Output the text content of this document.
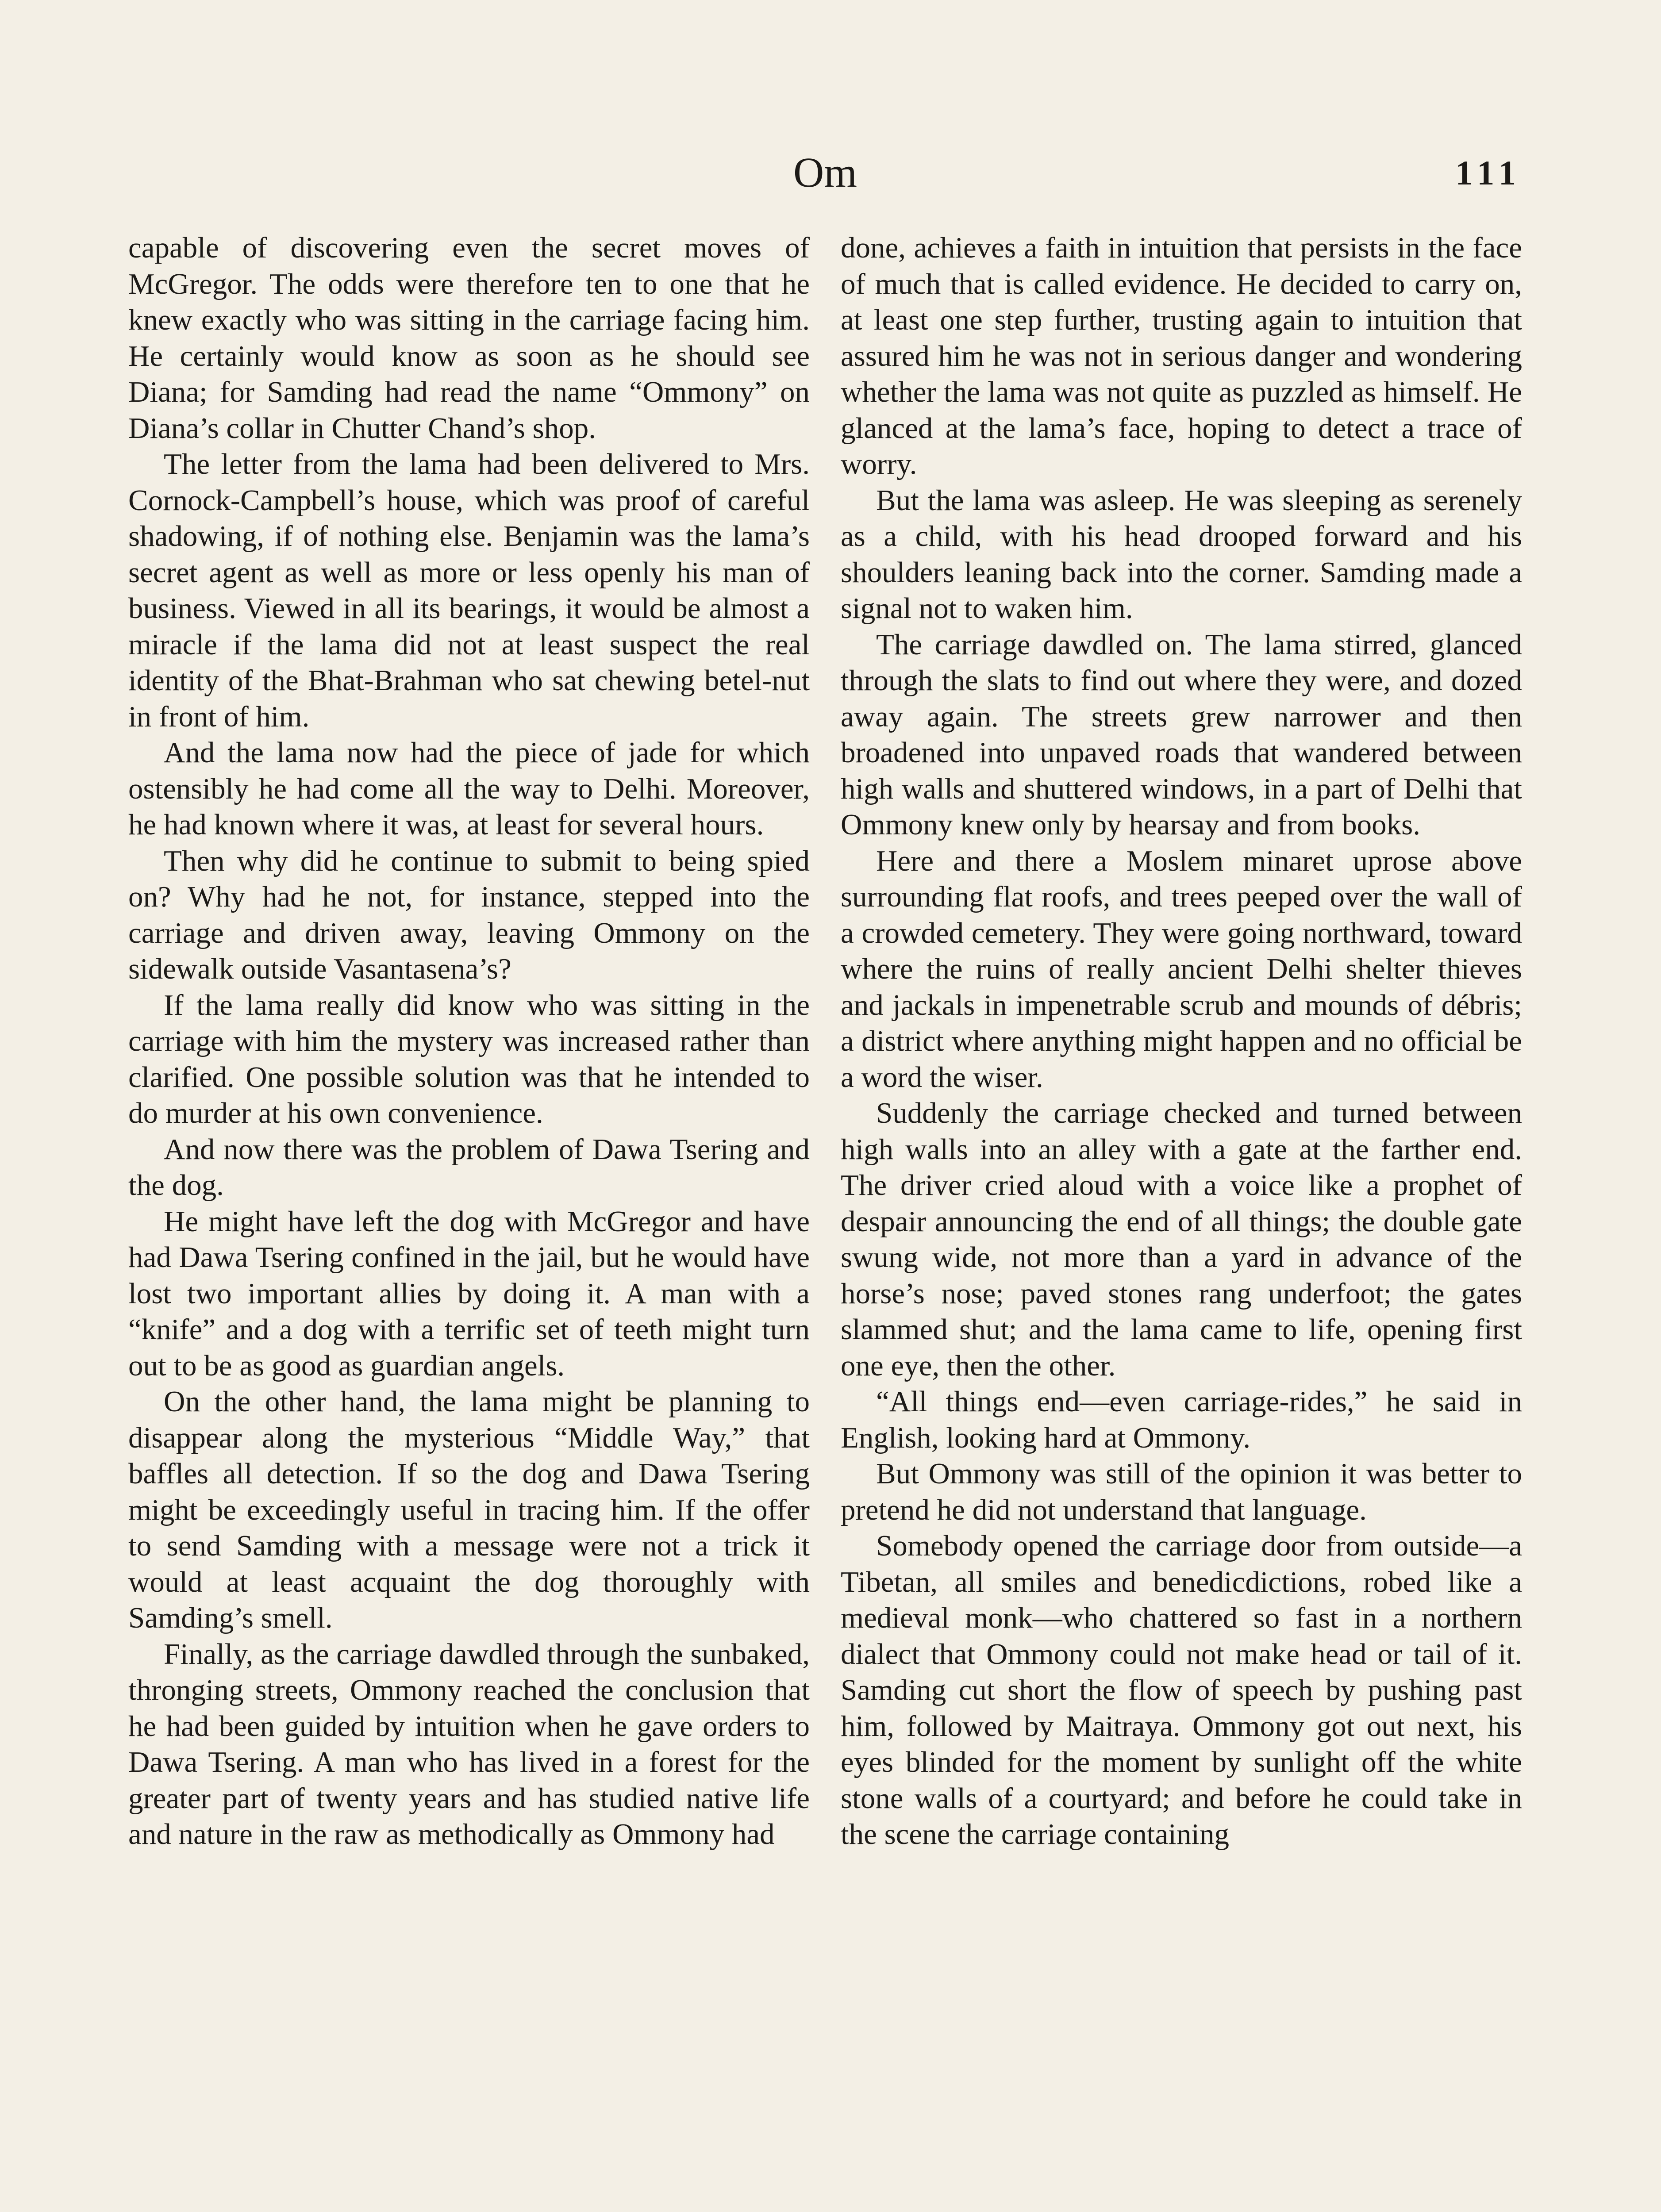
Om	111

capable of discovering even the secret moves of McGregor. The odds were therefore ten to one that he knew exactly who was sitting in the carriage facing him. He certainly would know as soon as he should see Diana; for Samding had read the name “Ommony” on Diana’s collar in Chutter Chand’s shop.

The letter from the lama had been delivered to Mrs. Cornock-Campbell’s house, which was proof of careful shadowing, if of nothing else. Benjamin was the lama’s secret agent as well as more or less openly his man of business. Viewed in all its bearings, it would be almost a miracle if the lama did not at least suspect the real identity of the Bhat-Brahman who sat chewing betel-nut in front of him.

And the lama now had the piece of jade for which ostensibly he had come all the way to Delhi. Moreover, he had known where it was, at least for several hours.

Then why did he continue to submit to being spied on? Why had he not, for instance, stepped into the carriage and driven away, leaving Ommony on the sidewalk outside Vasantasena’s?

If the lama really did know who was sitting in the carriage with him the mystery was increased rather than clarified. One possible solution was that he intended to do murder at his own convenience.

And now there was the problem of Dawa Tsering and the dog.

He might have left the dog with McGregor and have had Dawa Tsering confined in the jail, but he would have lost two important allies by doing it. A man with a “knife” and a dog with a terrific set of teeth might turn out to be as good as guardian angels.

On the other hand, the lama might be planning to disappear along the mysterious “Middle Way,” that baffles all detection. If so the dog and Dawa Tsering might be exceedingly useful in tracing him. If the offer to send Samding with a message were not a trick it would at least acquaint the dog thoroughly with Samding’s smell.

Finally, as the carriage dawdled through the sunbaked, thronging streets, Ommony reached the conclusion that he had been guided by intuition when he gave orders to Dawa Tsering. A man who has lived in a forest for the greater part of twenty years and has studied native life and nature in the raw as methodically as Ommony had

done, achieves a faith in intuition that persists in the face of much that is called evidence. He decided to carry on, at least one step further, trusting again to intuition that assured him he was not in serious danger and wondering whether the lama was not quite as puzzled as himself. He glanced at the lama’s face, hoping to detect a trace of worry.

But the lama was asleep. He was sleeping as serenely as a child, with his head drooped forward and his shoulders leaning back into the corner. Samding made a signal not to waken him.

The carriage dawdled on. The lama stirred, glanced through the slats to find out where they were, and dozed away again. The streets grew narrower and then broadened into unpaved roads that wandered between high walls and shuttered windows, in a part of Delhi that Ommony knew only by hearsay and from books.

Here and there a Moslem minaret uprose above surrounding flat roofs, and trees peeped over the wall of a crowded cemetery. They were going northward, toward where the ruins of really ancient Delhi shelter thieves and jackals in impenetrable scrub and mounds of débris; a district where anything might happen and no official be a word the wiser.

Suddenly the carriage checked and turned between high walls into an alley with a gate at the farther end. The driver cried aloud with a voice like a prophet of despair announcing the end of all things; the double gate swung wide, not more than a yard in advance of the horse’s nose; paved stones rang underfoot; the gates slammed shut; and the lama came to life, opening first one eye, then the other.

“All things end—even carriage-rides,” he said in English, looking hard at Ommony.

But Ommony was still of the opinion it was better to pretend he did not understand that language.

Somebody opened the carriage door from outside—a Tibetan, all smiles and benedicdictions, robed like a medieval monk—who chattered so fast in a northern dialect that Ommony could not make head or tail of it. Samding cut short the flow of speech by pushing past him, followed by Maitraya. Ommony got out next, his eyes blinded for the moment by sunlight off the white stone walls of a courtyard; and before he could take in the scene the carriage containing
